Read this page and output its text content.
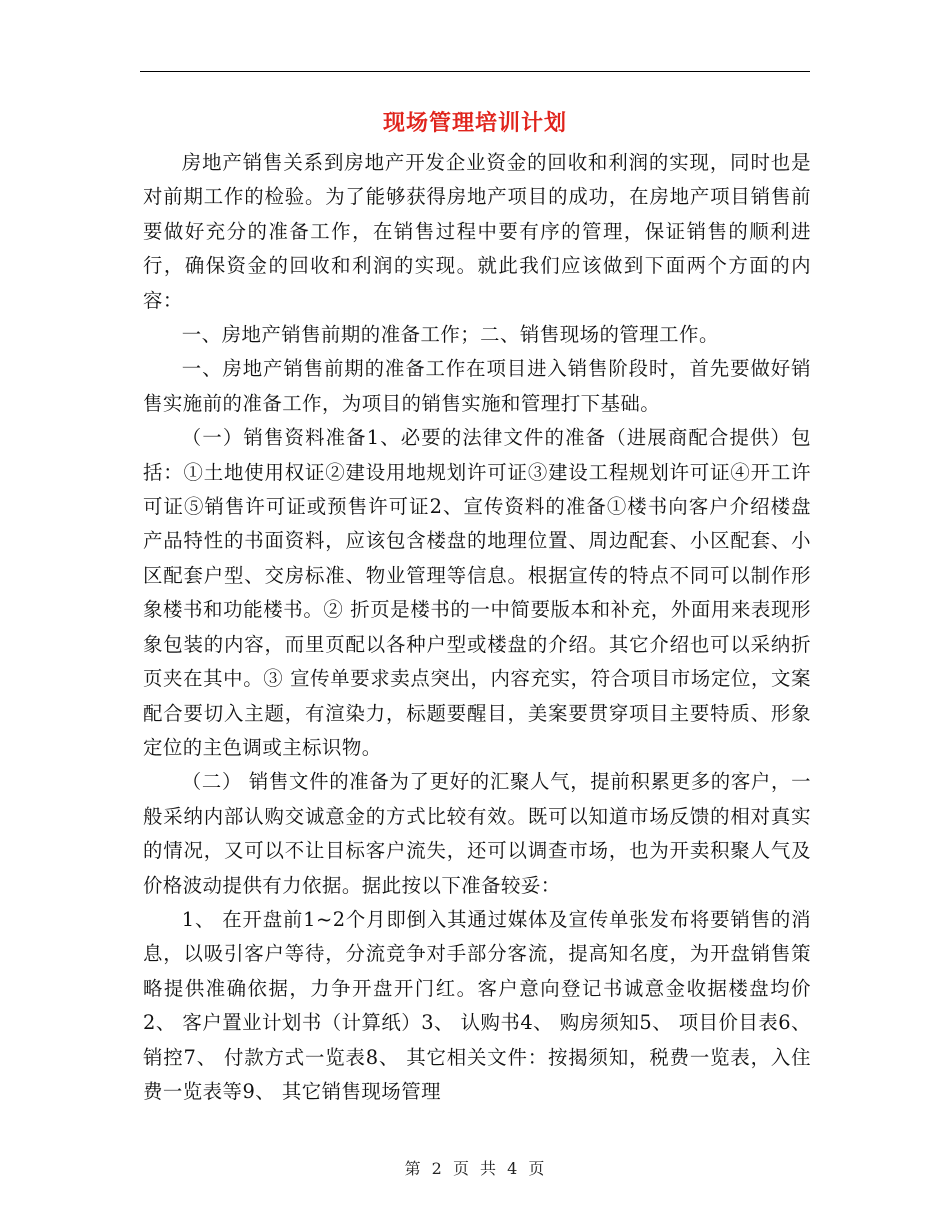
现场管理培训计划

房地产销售关系到房地产开发企业资金的回收和利润的实现，同时也是对前期工作的检验。为了能够获得房地产项目的成功，在房地产项目销售前要做好充分的准备工作，在销售过程中要有序的管理，保证销售的顺利进行，确保资金的回收和利润的实现。就此我们应该做到下面两个方面的内容：

一、房地产销售前期的准备工作；二、销售现场的管理工作。

一、房地产销售前期的准备工作在项目进入销售阶段时，首先要做好销售实施前的准备工作，为项目的销售实施和管理打下基础。

（一）销售资料准备1、必要的法律文件的准备（进展商配合提供）包括：①土地使用权证②建设用地规划许可证③建设工程规划许可证④开工许可证⑤销售许可证或预售许可证2、宣传资料的准备①楼书向客户介绍楼盘产品特性的书面资料，应该包含楼盘的地理位置、周边配套、小区配套、小区配套户型、交房标准、物业管理等信息。根据宣传的特点不同可以制作形象楼书和功能楼书。② 折页是楼书的一中简要版本和补充，外面用来表现形象包装的内容，而里页配以各种户型或楼盘的介绍。其它介绍也可以采纳折页夹在其中。③ 宣传单要求卖点突出，内容充实，符合项目市场定位，文案配合要切入主题，有渲染力，标题要醒目，美案要贯穿项目主要特质、形象定位的主色调或主标识物。

（二） 销售文件的准备为了更好的汇聚人气，提前积累更多的客户，一般采纳内部认购交诚意金的方式比较有效。既可以知道市场反馈的相对真实的情况，又可以不让目标客户流失，还可以调查市场，也为开卖积聚人气及价格波动提供有力依据。据此按以下准备较妥：

1、 在开盘前1~2个月即倒入其通过媒体及宣传单张发布将要销售的消息，以吸引客户等待，分流竞争对手部分客流，提高知名度，为开盘销售策略提供准确依据，力争开盘开门红。客户意向登记书诚意金收据楼盘均价2、 客户置业计划书（计算纸）3、 认购书4、 购房须知5、 项目价目表6、 销控7、 付款方式一览表8、 其它相关文件：按揭须知，税费一览表，入住费一览表等9、 其它销售现场管理

第 2 页 共 4 页
